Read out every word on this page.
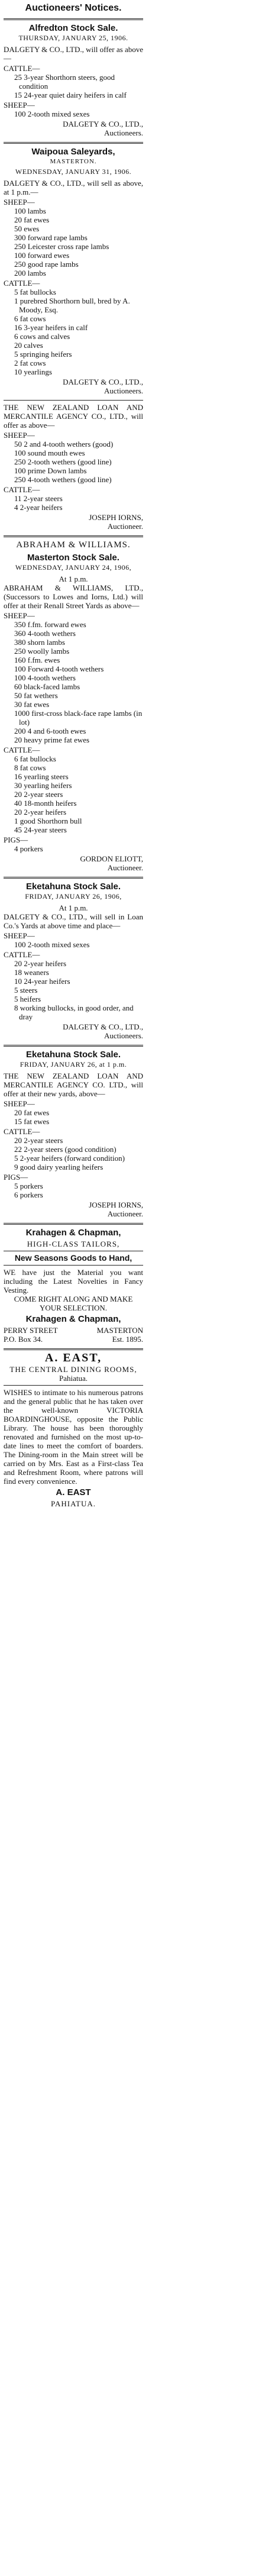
Auctioneers' Notices.
Alfredton Stock Sale.
THURSDAY, JANUARY 25, 1906.
DALGETY & CO., LTD., will offer as above—
CATTLE—
25 3-year Shorthorn steers, good condition
15 24-year quiet dairy heifers in calf
SHEEP—
100 2-tooth mixed sexes
DALGETY & CO., LTD.,
Auctioneers.
Waipoua Saleyards,
MASTERTON.
WEDNESDAY, JANUARY 31, 1906.
DALGETY & CO., LTD., will sell as above, at 1 p.m.—
SHEEP—
100 lambs
20 fat ewes
50 ewes
300 forward rape lambs
250 Leicester cross rape lambs
100 forward ewes
250 good rape lambs
200 lambs
CATTLE—
5 fat bullocks
1 purebred Shorthorn bull, bred by A. Moody, Esq.
6 fat cows
16 3-year heifers in calf
6 cows and calves
20 calves
5 springing heifers
2 fat cows
10 yearlings
DALGETY & CO., LTD.,
Auctioneers.
THE NEW ZEALAND LOAN AND MERCANTILE AGENCY CO., LTD., will offer as above—
SHEEP—
50 2 and 4-tooth wethers (good)
100 sound mouth ewes
250 2-tooth wethers (good line)
100 prime Down lambs
250 4-tooth wethers (good line)
CATTLE—
11 2-year steers
4 2-year heifers
JOSEPH IORNS,
Auctioneer.
ABRAHAM & WILLIAMS.
Masterton Stock Sale.
WEDNESDAY, JANUARY 24, 1906,
At 1 p.m.
ABRAHAM & WILLIAMS, LTD., (Successors to Lowes and Iorns, Ltd.) will offer at their Renall Street Yards as above—
SHEEP—
350 f.fm. forward ewes
360 4-tooth wethers
380 shorn lambs
250 woolly lambs
160 f.fm. ewes
100 Forward 4-tooth wethers
100 4-tooth wethers
60 black-faced lambs
50 fat wethers
30 fat ewes
1000 first-cross black-face rape lambs (in lot)
200 4 and 6-tooth ewes
20 heavy prime fat ewes
CATTLE—
6 fat bullocks
8 fat cows
16 yearling steers
30 yearling heifers
20 2-year steers
40 18-month heifers
20 2-year heifers
1 good Shorthorn bull
45 24-year steers
PIGS—
4 porkers
GORDON ELIOTT,
Auctioneer.
Eketahuna Stock Sale.
FRIDAY, JANUARY 26, 1906,
At 1 p.m.
DALGETY & CO., LTD., will sell in Loan Co.'s Yards at above time and place—
SHEEP—
100 2-tooth mixed sexes
CATTLE—
20 2-year heifers
18 weaners
10 24-year heifers
5 steers
5 heifers
8 working bullocks, in good order, and dray
DALGETY & CO., LTD.,
Auctioneers.
Eketahuna Stock Sale.
FRIDAY, JANUARY 26, at 1 p.m.
THE NEW ZEALAND LOAN AND MERCANTILE AGENCY CO. LTD., will offer at their new yards, above—
SHEEP—
20 fat ewes
15 fat ewes
CATTLE—
20 2-year steers
22 2-year steers (good condition)
5 2-year heifers (forward condition)
9 good dairy yearling heifers
PIGS—
5 porkers
6 porkers
JOSEPH IORNS,
Auctioneer.
Krahagen & Chapman,
HIGH-CLASS TAILORS,
New Seasons Goods to Hand,
WE have just the Material you want including the Latest Novelties in Fancy Vesting.
COME RIGHT ALONG AND MAKE
YOUR SELECTION.
Krahagen & Chapman,
PERRY STREET	MASTERTON
P.O. Box 34.	Est. 1895.
A. EAST,
THE CENTRAL DINING ROOMS,
Pahiatua.
WISHES to intimate to his numerous patrons and the general public that he has taken over the well-known VICTORIA BOARDINGHOUSE, opposite the Public Library. The house has been thoroughly renovated and furnished on the most up-to-date lines to meet the comfort of boarders. The Dining-room in the Main street will be carried on by Mrs. East as a First-class Tea and Refreshment Room, where patrons will find every convenience.
A. EAST
PAHIATUA.
